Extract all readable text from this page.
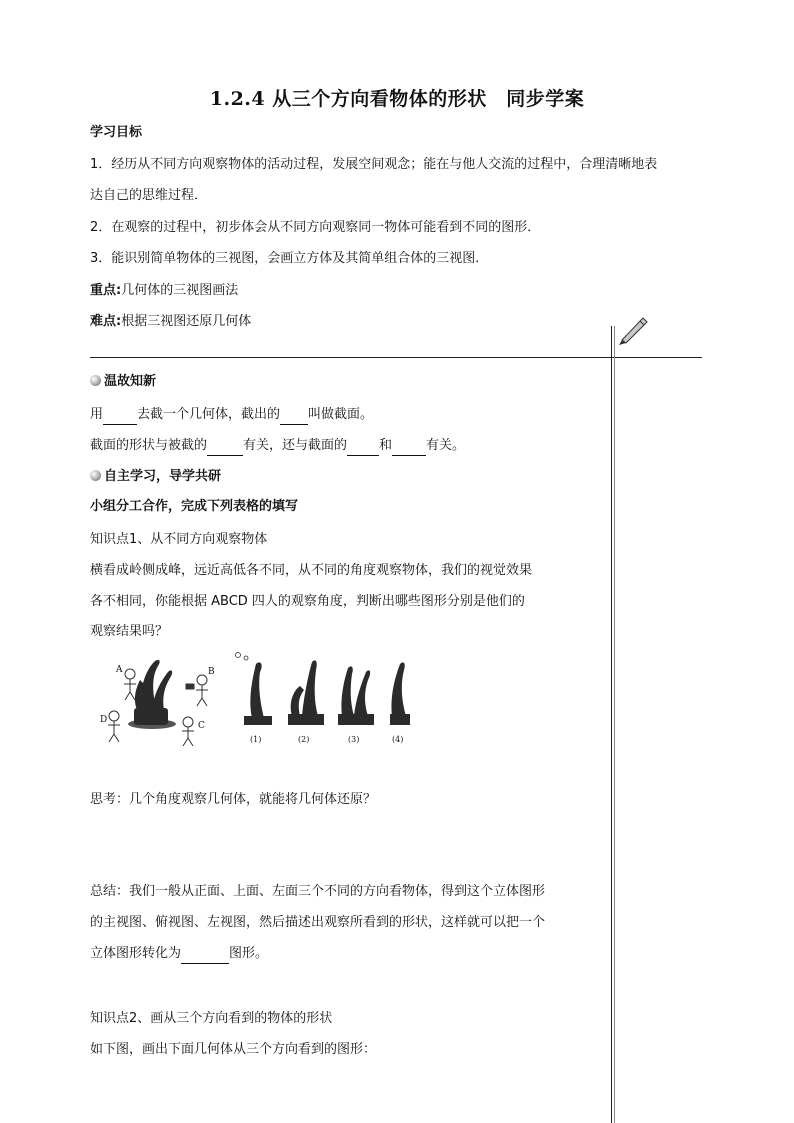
1.2.4 从三个方向看物体的形状　同步学案
学习目标
1．经历从不同方向观察物体的活动过程，发展空间观念；能在与他人交流的过程中，合理清晰地表
达自己的思维过程．
2．在观察的过程中，初步体会从不同方向观察同一物体可能看到不同的图形．
3．能识别简单物体的三视图，会画立方体及其简单组合体的三视图．
重点:几何体的三视图画法
难点:根据三视图还原几何体
温故知新
用	去截一个几何体，截出的 叫做截面。
截面的形状与被截的	有关，还与截面的 和	有关。
自主学习，导学共研
小组分工合作，完成下列表格的填写
知识点1、从不同方向观察物体
横看成岭侧成峰，远近高低各不同，从不同的角度观察物体，我们的视觉效果
各不相同，你能根据 ABCD 四人的观察角度，判断出哪些图形分别是他们的
观察结果吗？
A	B
C
D
(1)	(2)	(3)	(4)
思考：几个角度观察几何体，就能将几何体还原？
总结：我们一般从正面、上面、左面三个不同的方向看物体，得到这个立体图形
的主视图、俯视图、左视图，然后描述出观察所看到的形状，这样就可以把一个
立体图形转化为	图形。
知识点2、画从三个方向看到的物体的形状
如下图，画出下面几何体从三个方向看到的图形：
